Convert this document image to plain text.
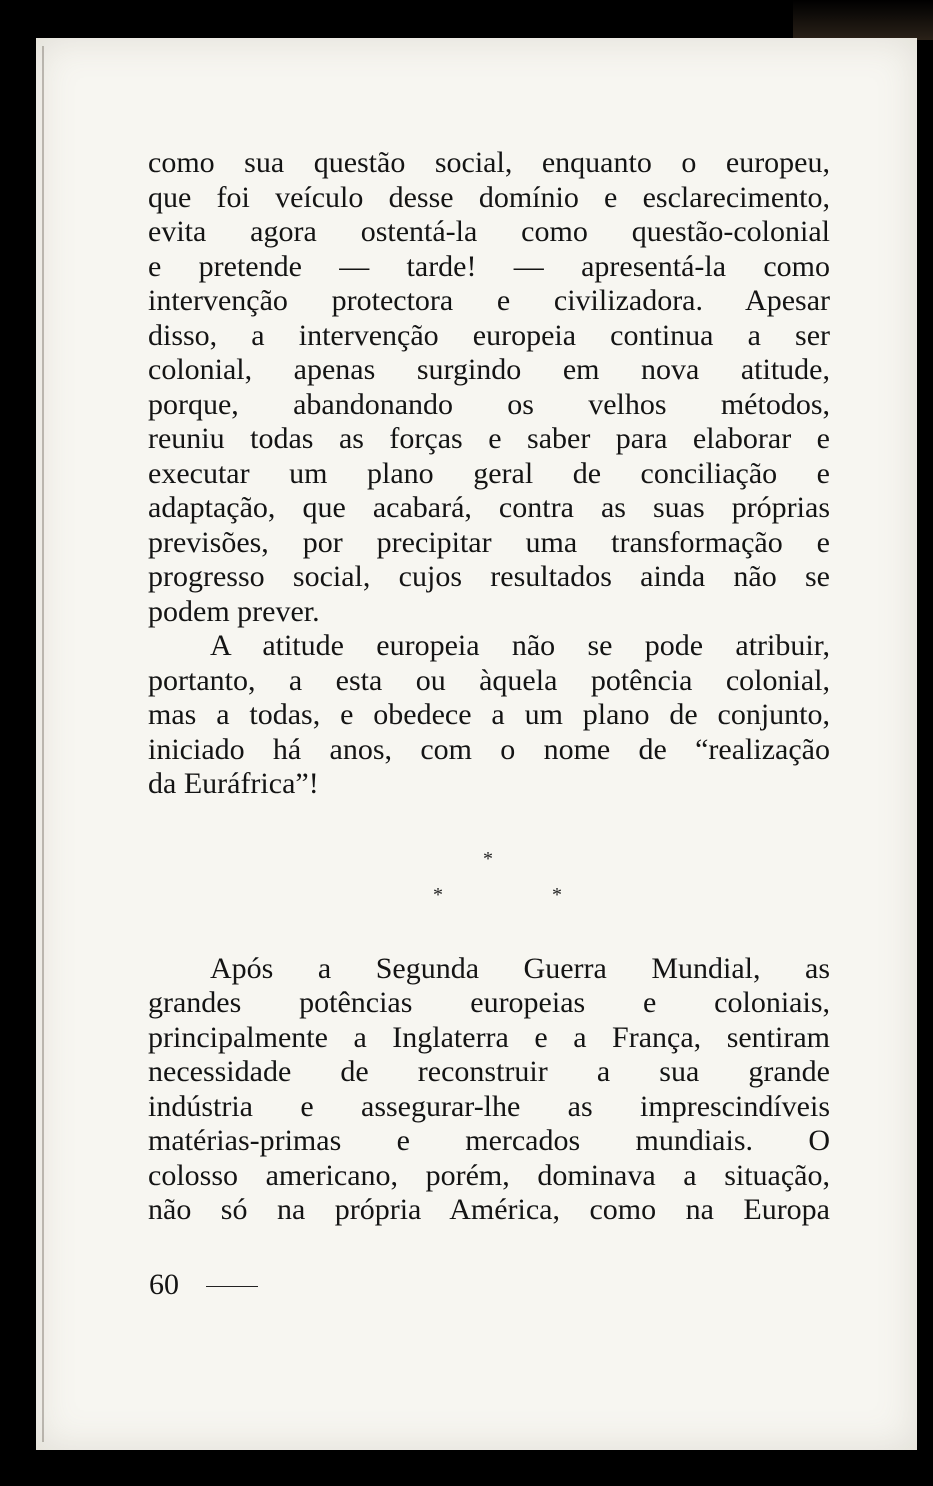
como sua questão social, enquanto o europeu,
que foi veículo desse domínio e esclarecimento,
evita agora ostentá-la como questão-colonial
e pretende — tarde! — apresentá-la como
intervenção protectora e civilizadora. Apesar
disso, a intervenção europeia continua a ser
colonial, apenas surgindo em nova atitude,
porque, abandonando os velhos métodos,
reuniu todas as forças e saber para elaborar e
executar um plano geral de conciliação e
adaptação, que acabará, contra as suas próprias
previsões, por precipitar uma transformação e
progresso social, cujos resultados ainda não se
podem prever.
A atitude europeia não se pode atribuir,
portanto, a esta ou àquela potência colonial,
mas a todas, e obedece a um plano de conjunto,
iniciado há anos, com o nome de “realização
da Euráfrica”!
*
*	*
Após a Segunda Guerra Mundial, as
grandes potências europeias e coloniais,
principalmente a Inglaterra e a França, sentiram
necessidade de reconstruir a sua grande
indústria e assegurar-lhe as imprescindíveis
matérias-primas e mercados mundiais. O
colosso americano, porém, dominava a situação,
não só na própria América, como na Europa
60
